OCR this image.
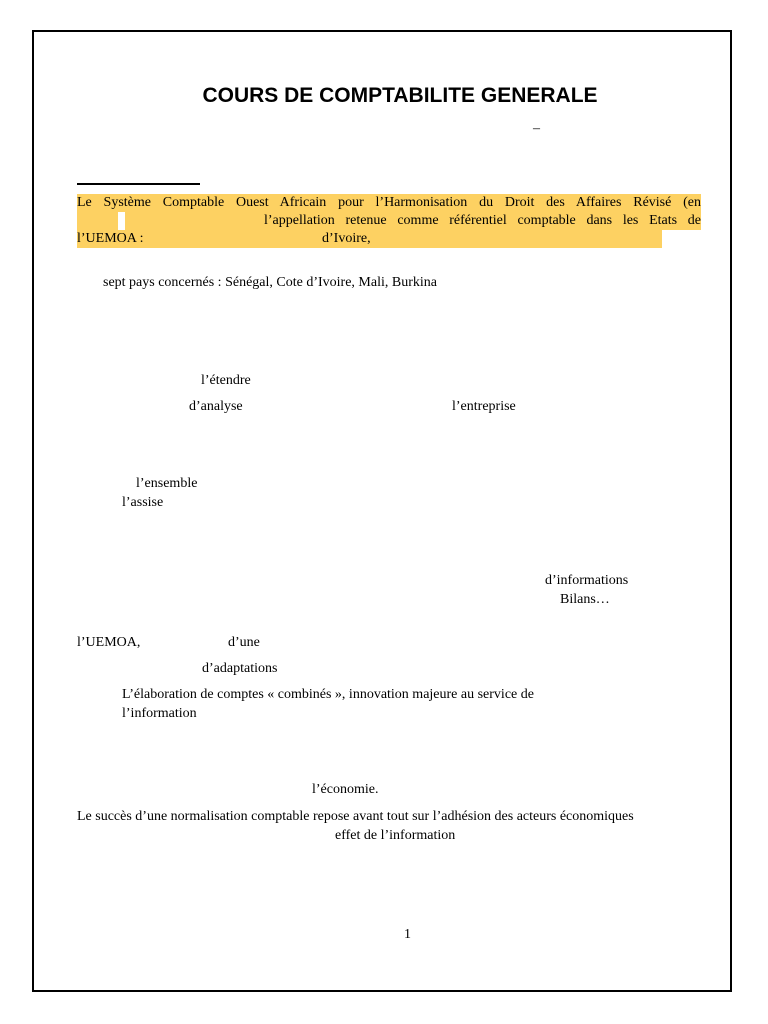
COURS DE COMPTABILITE GENERALE
–
Le Système Comptable Ouest Africain pour l’Harmonisation du Droit des Affaires Révisé (en
l’appellation retenue comme référentiel comptable dans les Etats de
l’UEMOA :	d’Ivoire,
sept pays concernés : Sénégal, Cote d’Ivoire, Mali, Burkina
l’étendre
d’analyse	l’entreprise
l’ensemble
l’assise
d’informations
Bilans…
l’UEMOA,	d’une
d’adaptations
L’élaboration de comptes « combinés », innovation majeure au service de
l’information
l’économie.
Le succès d’une normalisation comptable repose avant tout sur l’adhésion des acteurs économiques
effet de l’information
1
